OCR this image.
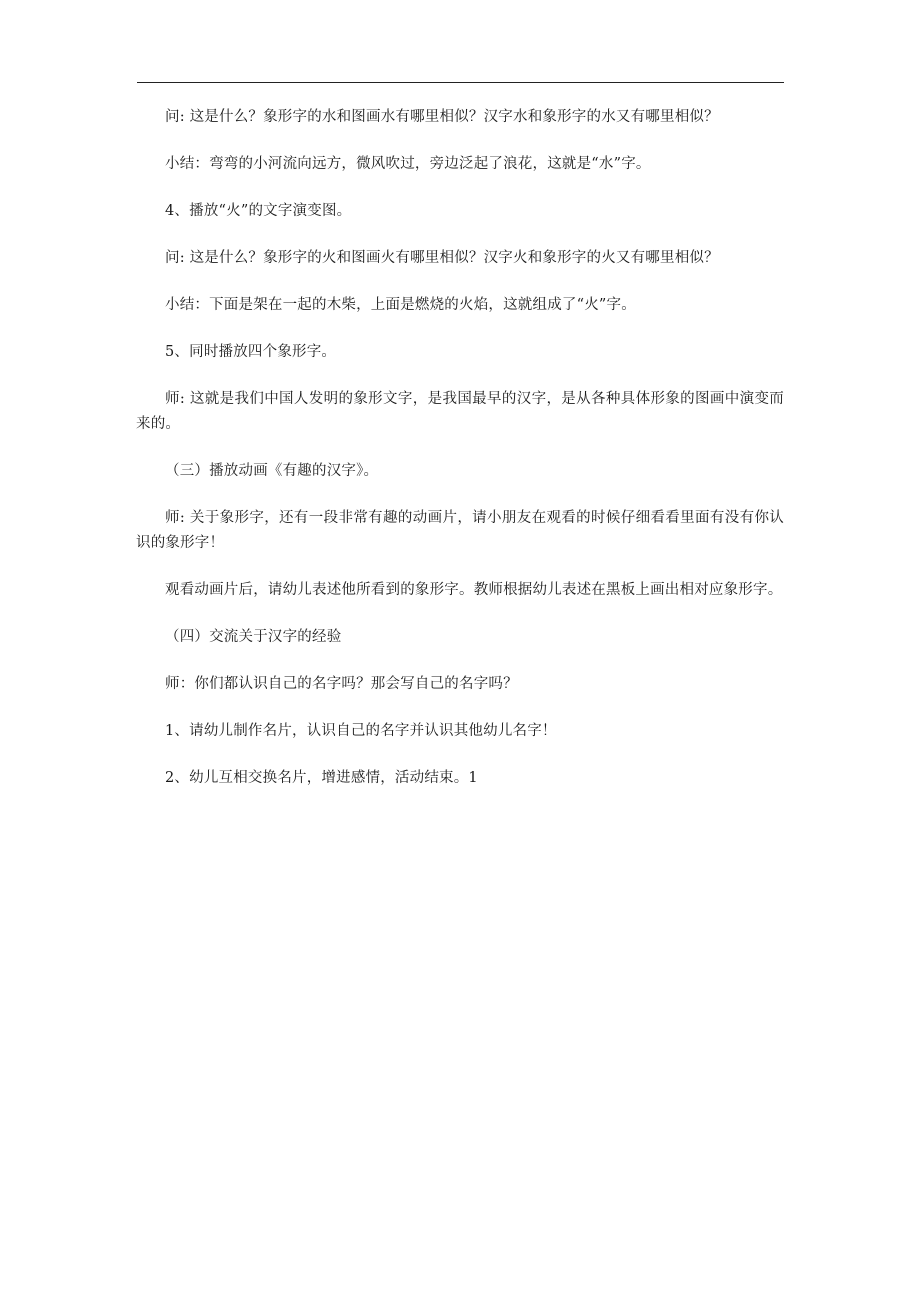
问: 这是什么？象形字的水和图画水有哪里相似？汉字水和象形字的水又有哪里相似？

小结：弯弯的小河流向远方，微风吹过，旁边泛起了浪花，这就是“水”字。

4、播放“火”的文字演变图。

问: 这是什么？象形字的火和图画火有哪里相似？汉字火和象形字的火又有哪里相似？

小结：下面是架在一起的木柴，上面是燃烧的火焰，这就组成了“火”字。

5、同时播放四个象形字。

师: 这就是我们中国人发明的象形文字，是我国最早的汉字，是从各种具体形象的图画中演变而来的。

（三）播放动画《有趣的汉字》。

师: 关于象形字，还有一段非常有趣的动画片，请小朋友在观看的时候仔细看看里面有没有你认识的象形字！

观看动画片后，请幼儿表述他所看到的象形字。教师根据幼儿表述在黑板上画出相对应象形字。

（四）交流关于汉字的经验

师：你们都认识自己的名字吗？那会写自己的名字吗？

1、请幼儿制作名片，认识自己的名字并认识其他幼儿名字！

2、幼儿互相交换名片，增进感情，活动结束。1
